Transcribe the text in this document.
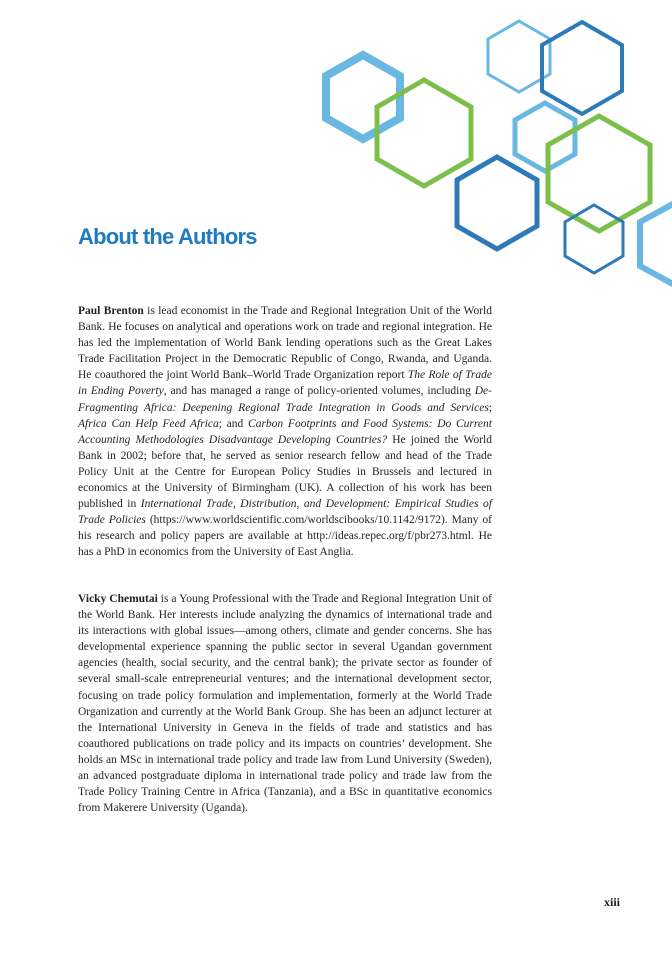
About the Authors

Paul Brenton is lead economist in the Trade and Regional Integration Unit of the World Bank. He focuses on analytical and operations work on trade and regional integration. He has led the implementation of World Bank lending operations such as the Great Lakes Trade Facilitation Project in the Democratic Republic of Congo, Rwanda, and Uganda. He coauthored the joint World Bank–World Trade Organization report The Role of Trade in Ending Poverty, and has managed a range of policy-oriented volumes, including De-Fragmenting Africa: Deepening Regional Trade Integration in Goods and Services; Africa Can Help Feed Africa; and Carbon Footprints and Food Systems: Do Current Accounting Methodologies Disadvantage Developing Countries? He joined the World Bank in 2002; before that, he served as senior research fellow and head of the Trade Policy Unit at the Centre for European Policy Studies in Brussels and lectured in economics at the University of Birmingham (UK). A collection of his work has been published in International Trade, Distribution, and Development: Empirical Studies of Trade Policies (https://www.worldscientific.com/worldscibooks/10.1142/9172). Many of his research and policy papers are available at http://ideas.repec.org/f/pbr273.html. He has a PhD in economics from the University of East Anglia.

Vicky Chemutai is a Young Professional with the Trade and Regional Integration Unit of the World Bank. Her interests include analyzing the dynamics of international trade and its interactions with global issues—among others, climate and gender concerns. She has developmental experience spanning the public sector in several Ugandan government agencies (health, social security, and the central bank); the private sector as founder of several small-scale entrepreneurial ventures; and the international development sector, focusing on trade policy formulation and implementation, formerly at the World Trade Organization and currently at the World Bank Group. She has been an adjunct lecturer at the International University in Geneva in the fields of trade and statistics and has coauthored publications on trade policy and its impacts on countries’ development. She holds an MSc in international trade policy and trade law from Lund University (Sweden), an advanced postgraduate diploma in international trade policy and trade law from the Trade Policy Training Centre in Africa (Tanzania), and a BSc in quantitative economics from Makerere University (Uganda).

xiii
